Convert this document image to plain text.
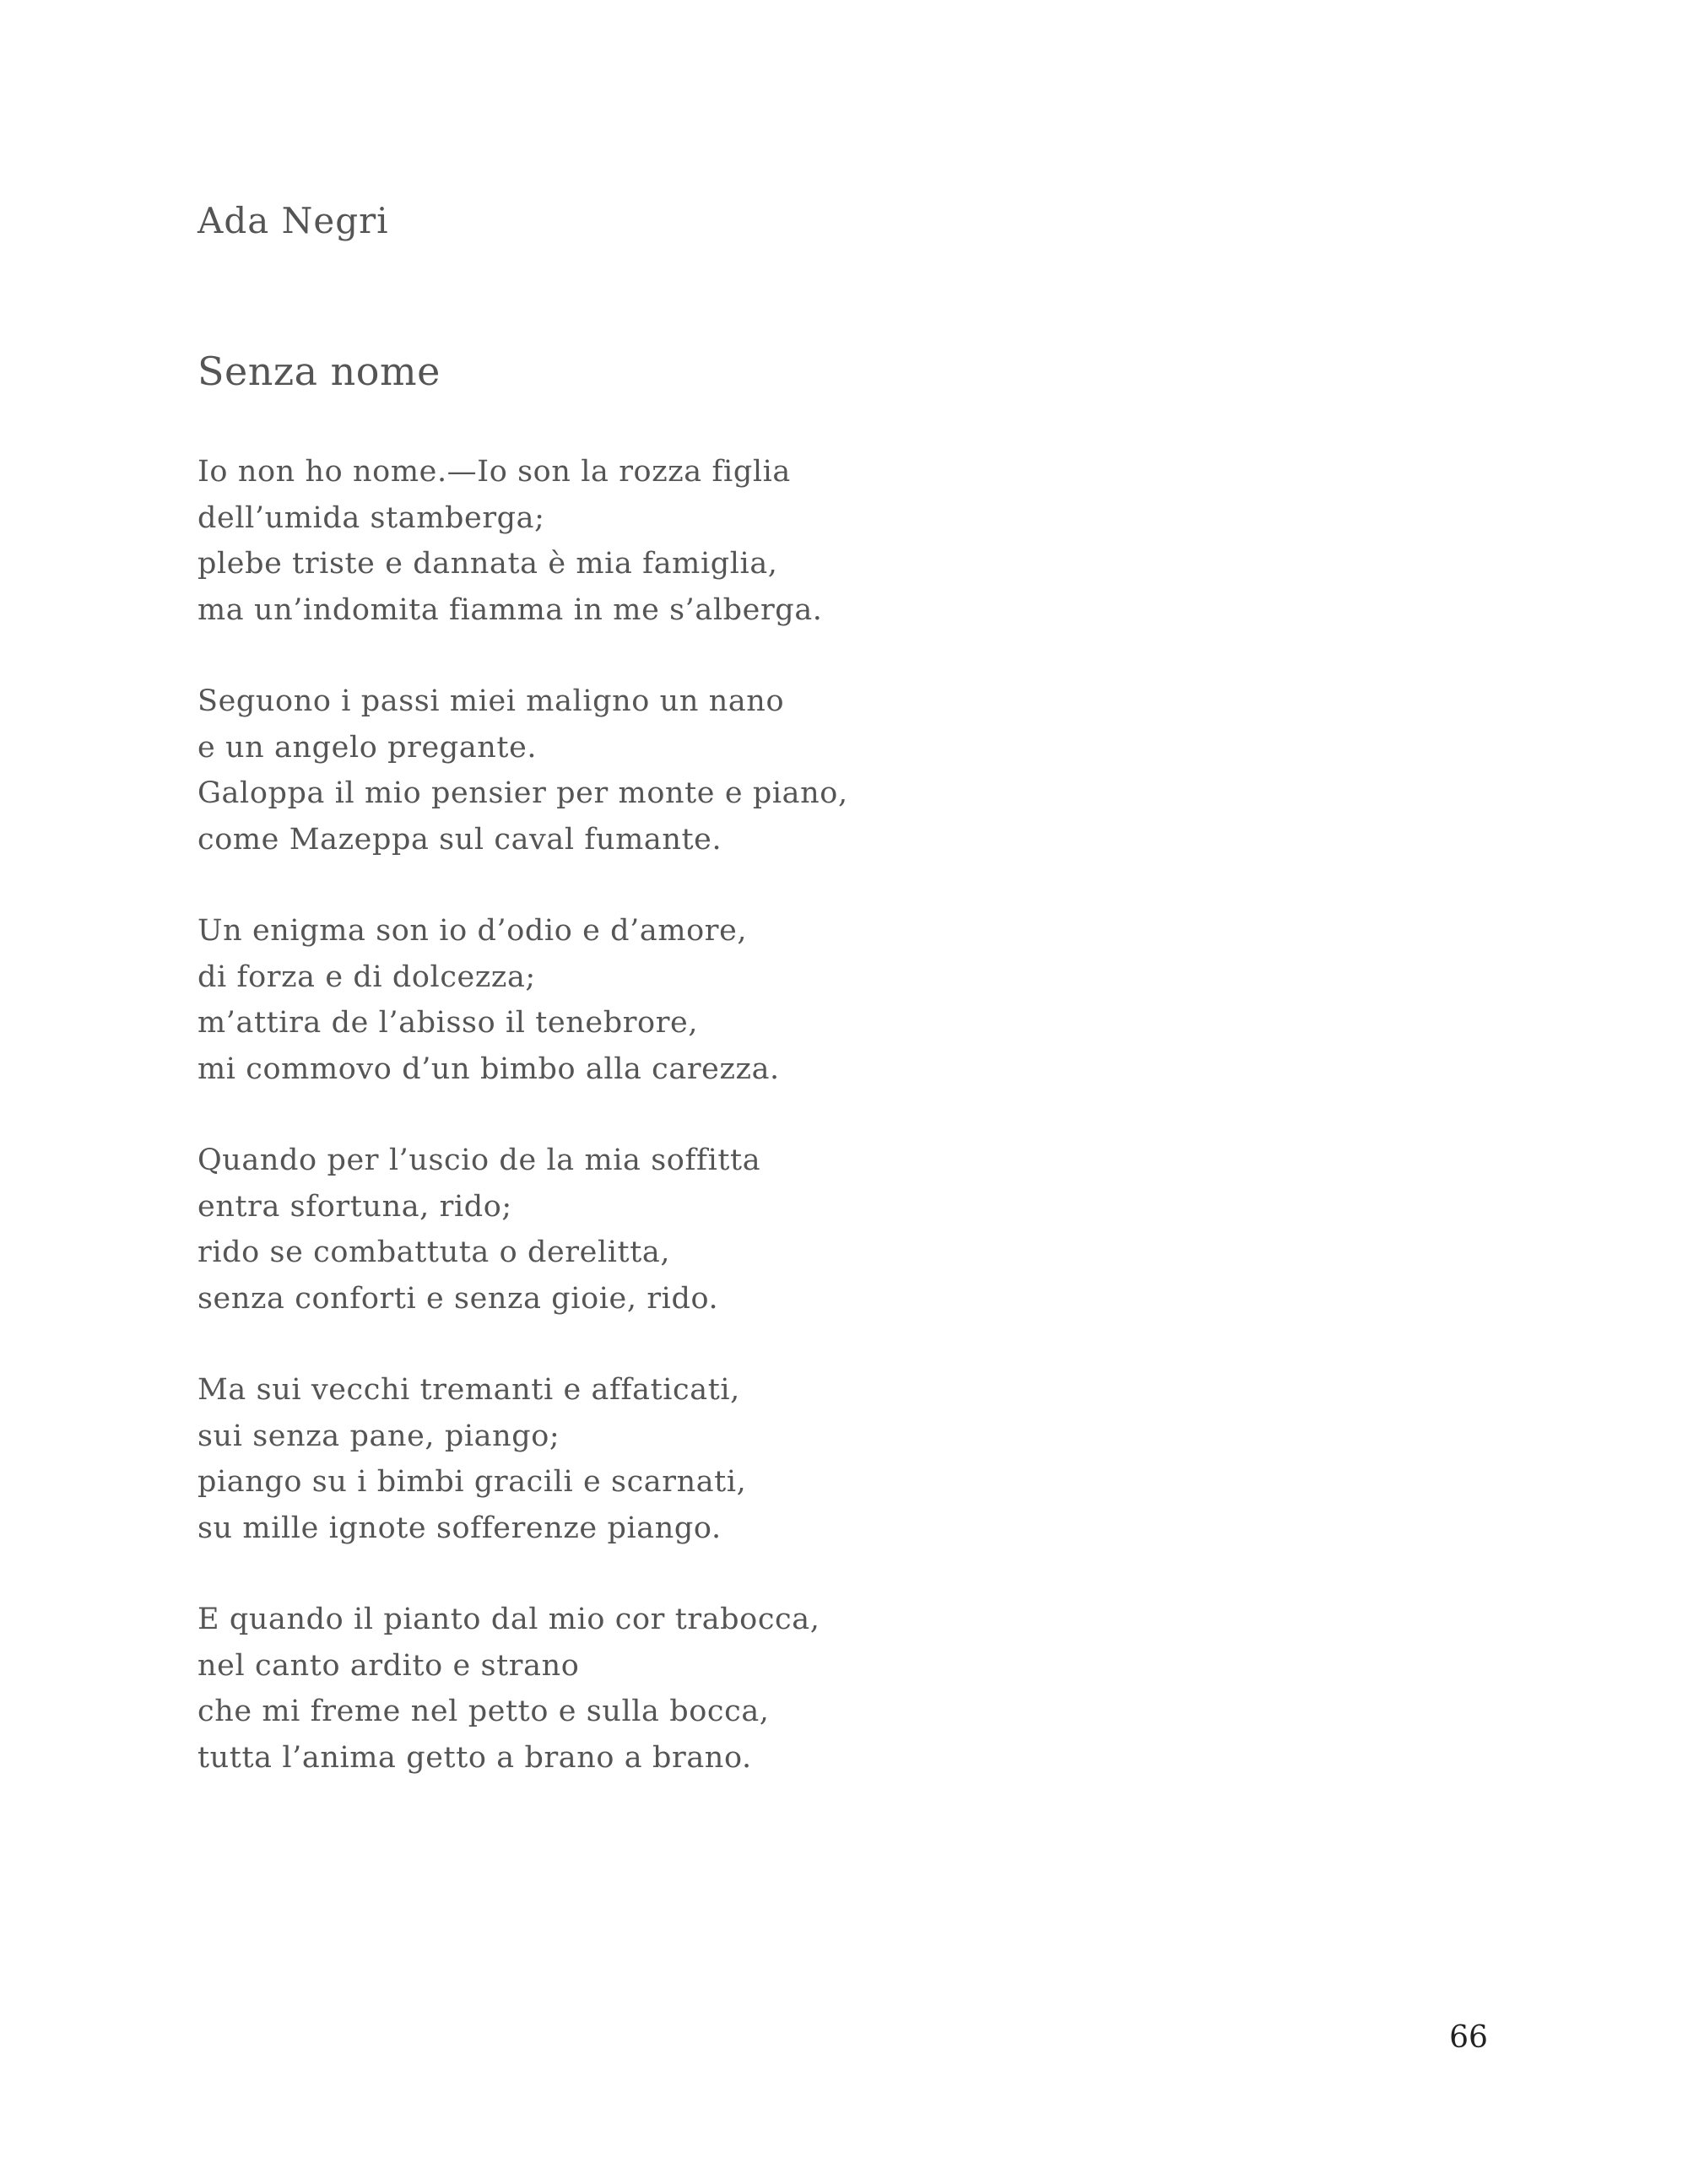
Ada Negri
Senza nome
Io non ho nome.—Io son la rozza figlia
dell’umida stamberga;
plebe triste e dannata è mia famiglia,
ma un’indomita fiamma in me s’alberga.
Seguono i passi miei maligno un nano
e un angelo pregante.
Galoppa il mio pensier per monte e piano,
come Mazeppa sul caval fumante.
Un enigma son io d’odio e d’amore,
di forza e di dolcezza;
m’attira de l’abisso il tenebrore,
mi commovo d’un bimbo alla carezza.
Quando per l’uscio de la mia soffitta
entra sfortuna, rido;
rido se combattuta o derelitta,
senza conforti e senza gioie, rido.
Ma sui vecchi tremanti e affaticati,
sui senza pane, piango;
piango su i bimbi gracili e scarnati,
su mille ignote sofferenze piango.
E quando il pianto dal mio cor trabocca,
nel canto ardito e strano
che mi freme nel petto e sulla bocca,
tutta l’anima getto a brano a brano.
66
